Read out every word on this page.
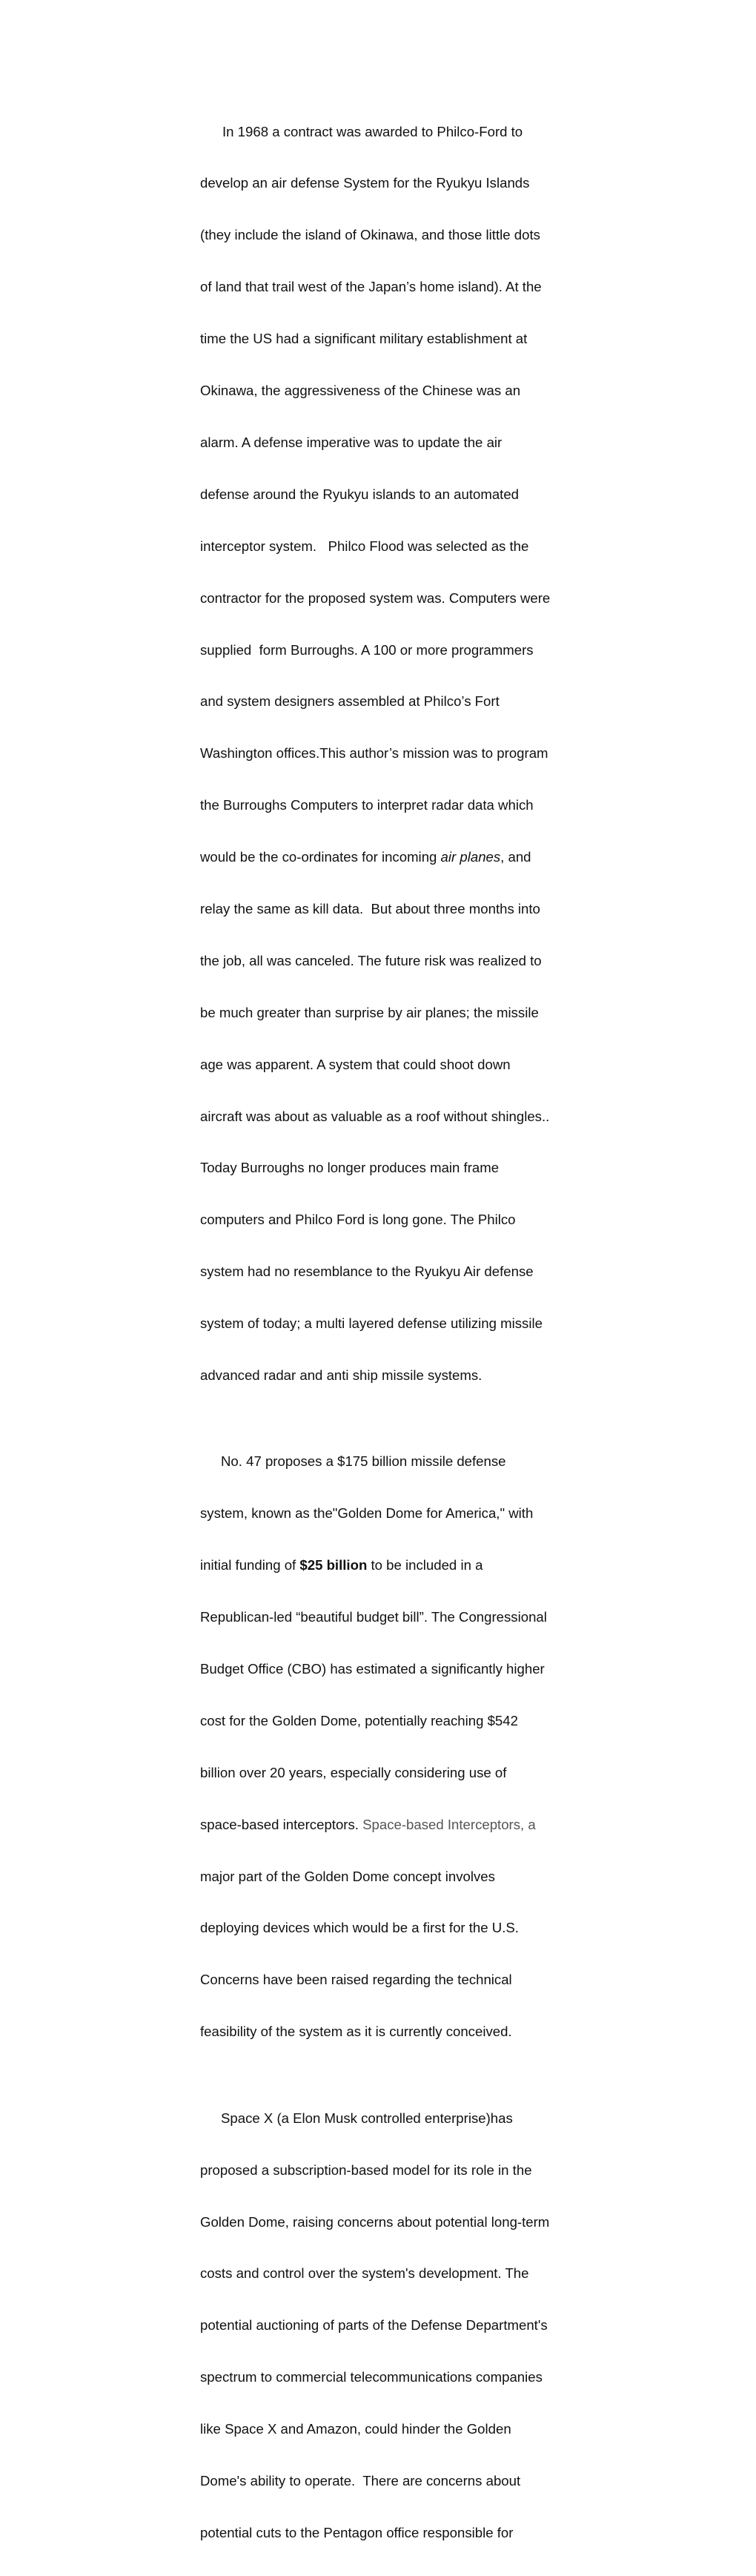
In 1968 a contract was awarded to Philco-Ford to

develop an air defense System for the Ryukyu Islands

(they include the island of Okinawa, and those little dots

of land that trail west of the Japan’s home island). At the

time the US had a significant military establishment at

Okinawa, the aggressiveness of the Chinese was an

alarm. A defense imperative was to update the air

defense around the Ryukyu islands to an automated

interceptor system.   Philco Flood was selected as the

contractor for the proposed system was. Computers were

supplied  form Burroughs. A 100 or more programmers

and system designers assembled at Philco’s Fort

Washington offices.This author’s mission was to program

the Burroughs Computers to interpret radar data which

would be the co-ordinates for incoming air planes, and

relay the same as kill data.  But about three months into

the job, all was canceled. The future risk was realized to

be much greater than surprise by air planes; the missile

age was apparent. A system that could shoot down

aircraft was about as valuable as a roof without shingles..

Today Burroughs no longer produces main frame

computers and Philco Ford is long gone. The Philco

system had no resemblance to the Ryukyu Air defense

system of today; a multi layered defense utilizing missile

advanced radar and anti ship missile systems.

No. 47 proposes a $175 billion missile defense

system, known as the"Golden Dome for America," with

initial funding of $25 billion to be included in a

Republican-led “beautiful budget bill”. The Congressional

Budget Office (CBO) has estimated a significantly higher

cost for the Golden Dome, potentially reaching $542

billion over 20 years, especially considering use of

space-based interceptors. Space-based Interceptors, a

major part of the Golden Dome concept involves

deploying devices which would be a first for the U.S.

Concerns have been raised regarding the technical

feasibility of the system as it is currently conceived.

Space X (a Elon Musk controlled enterprise)has

proposed a subscription-based model for its role in the

Golden Dome, raising concerns about potential long-term

costs and control over the system's development. The

potential auctioning of parts of the Defense Department's

spectrum to commercial telecommunications companies

like Space X and Amazon, could hinder the Golden

Dome's ability to operate.  There are concerns about

potential cuts to the Pentagon office responsible for
